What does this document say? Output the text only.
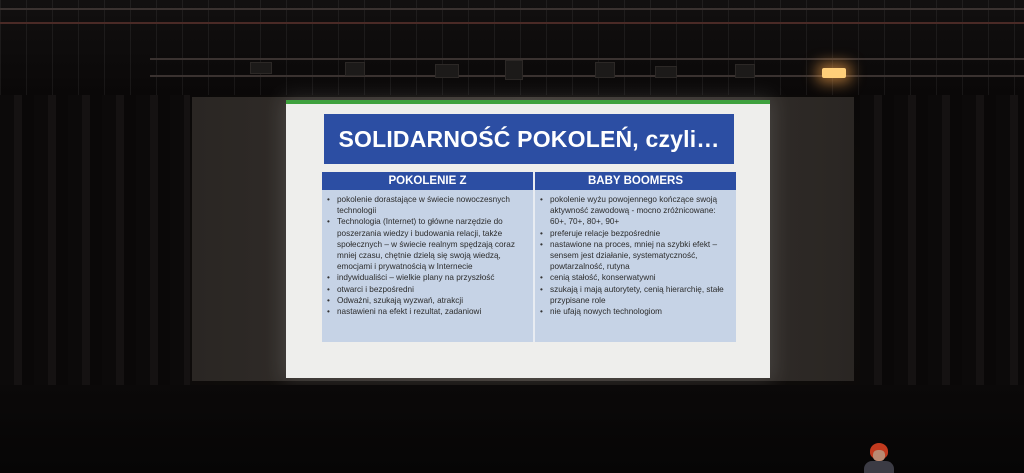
SOLIDARNOŚĆ POKOLEŃ, czyli…
POKOLENIE Z	BABY BOOMERS
• pokolenie dorastające w świecie nowoczesnych technologii
• Technologia (Internet) to główne narzędzie do poszerzania wiedzy i budowania relacji, także społecznych – w świecie realnym spędzają coraz mniej czasu, chętnie dzielą się swoją wiedzą, emocjami i prywatnością w Internecie
• indywidualiści – wielkie plany na przyszłość
• otwarci i bezpośredni
• Odważni, szukają wyzwań, atrakcji
• nastawieni na efekt i rezultat, zadaniowi
• pokolenie wyżu powojennego kończące swoją aktywność zawodową - mocno zróżnicowane: 60+, 70+, 80+, 90+
• preferuje relacje bezpośrednie
• nastawione na proces, mniej na szybki efekt – sensem jest działanie, systematyczność, powtarzalność, rutyna
• cenią stałość, konserwatywni
• szukają i mają autorytety, cenią hierarchię, stałe przypisane role
• nie ufają nowych technologiom
